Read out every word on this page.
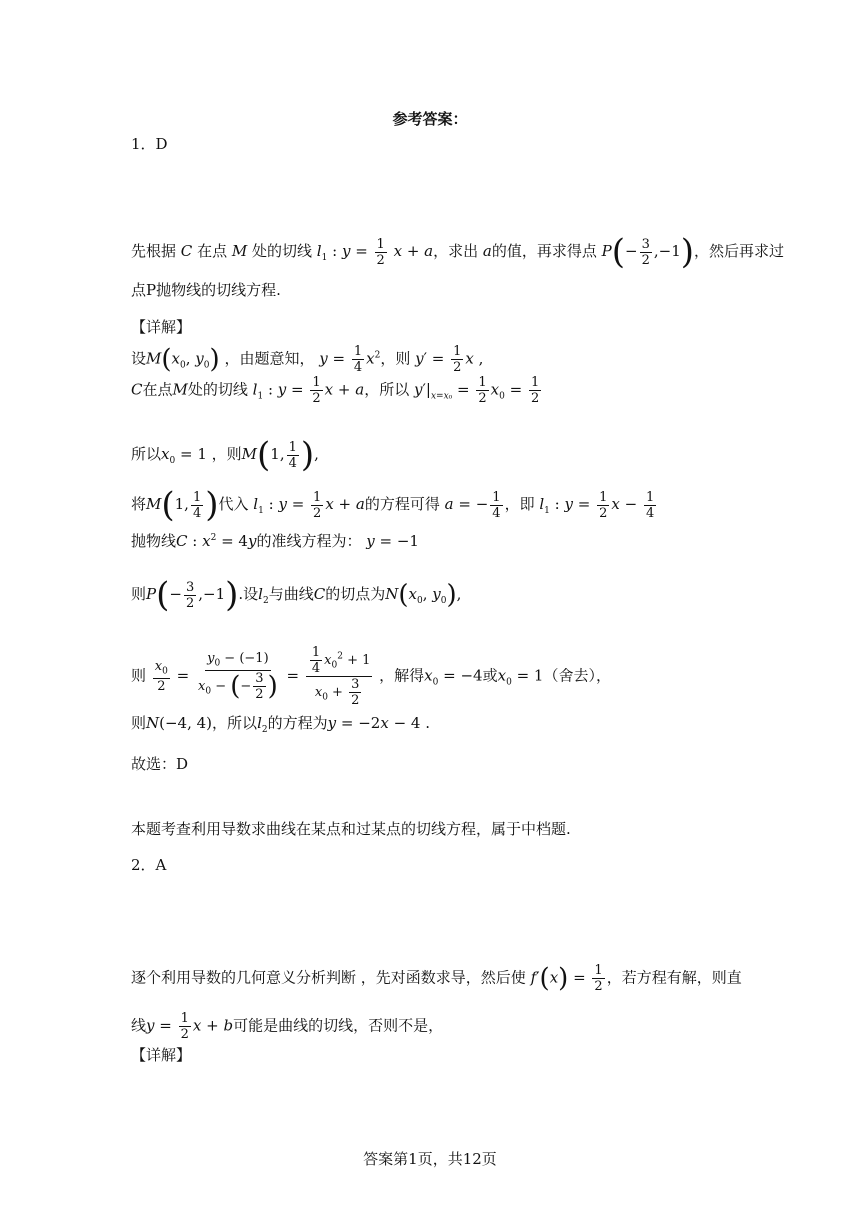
参考答案：
1．D
先根据 C 在点 M 处的切线 $l_1$ : $y = \frac{1}{2}$ x + a，求出 a的值，再求得点 $P(- \frac{3}{2} ,-1)$，然后再求过
点P抛物线的切线方程.
【详解】
设$M(x_0$, $y_0$) ，由题意知， $y = \frac{1}{4} x^2$，则 $y' = \frac{1}{2}$ x ,
C在点M处的切线 $l_1$ : $y = \frac{1}{2}$ x + a，所以 $y'|_{x=x_0} = \frac{1}{2} x_0 = \frac{1}{2}$
所以$x_0 = 1$ ，则M(1, $\frac{1}{4}$ ),
将M(1, $\frac{1}{4}$ )代入 $l_1$ : $y = \frac{1}{2}$ x + a的方程可得 a = − $\frac{1}{4}$ ，即 $l_1$ : $y = \frac{1}{2}$ $x - \frac{1}{4}$
抛物线C : $x^2 = 4y$的准线方程为： y = −1
则$P(- \frac{3}{2} ,-1)$.设$l_2$与曲线C的切点为$N(x_0$, $y_0$),
则 $\frac{x_0}{2} = \frac{y_0 - (-1)}{x_0 - (- \frac{3}{2} )} = \frac{\frac{1}{4} x_0^2 + 1}{x_0 + \frac{3}{2}}$ ，解得$x_0 = -4$或$x_0 = 1$（舍去），
则N(−4, 4)，所以$l_2$的方程为y = −2x − 4 .
故选：D
本题考查利用导数求曲线在某点和过某点的切线方程，属于中档题.
2．A
逐个利用导数的几何意义分析判断 ，先对函数求导，然后使 $f'(x) = \frac{1}{2}$ ，若方程有解，则直
线$y = \frac{1}{2}$ x + b可能是曲线的切线，否则不是，
【详解】
答案第1页，共12页
